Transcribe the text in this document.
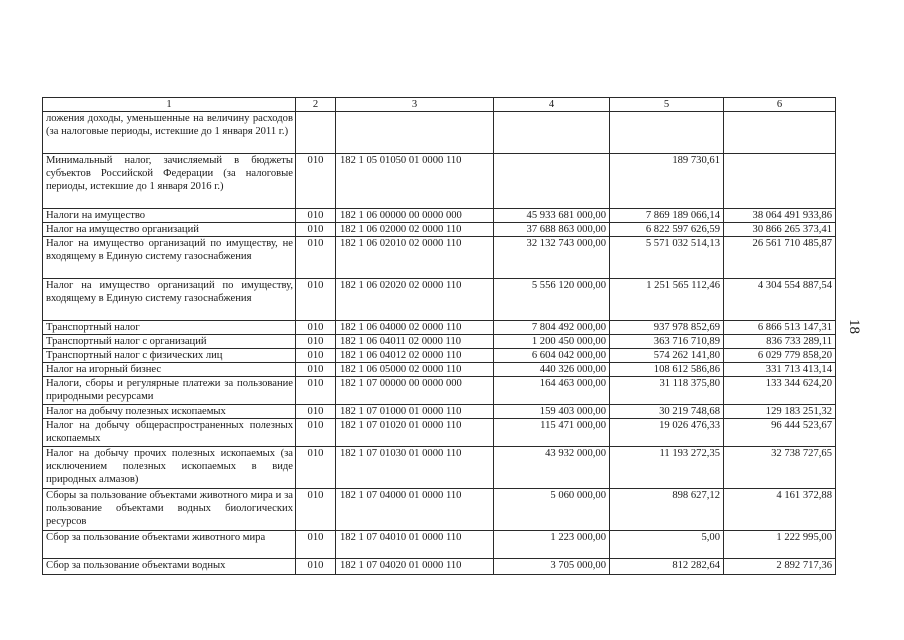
1	2	3	4	5	6
ложения доходы, уменьшенные на величину расходов (за налоговые периоды, истекшие до 1 января 2011 г.)					
Минимальный налог, зачисляемый в бюджеты субъектов Российской Федерации (за налоговые периоды, истекшие до 1 января 2016 г.)	010	182 1 05 01050 01 0000 110		189 730,61	
Налоги на имущество	010	182 1 06 00000 00 0000 000	45 933 681 000,00	7 869 189 066,14	38 064 491 933,86
Налог на имущество организаций	010	182 1 06 02000 02 0000 110	37 688 863 000,00	6 822 597 626,59	30 866 265 373,41
Налог на имущество организаций по имуществу, не входящему в Единую систему газоснабжения	010	182 1 06 02010 02 0000 110	32 132 743 000,00	5 571 032 514,13	26 561 710 485,87
Налог на имущество организаций по имуществу, входящему в Единую систему газоснабжения	010	182 1 06 02020 02 0000 110	5 556 120 000,00	1 251 565 112,46	4 304 554 887,54
Транспортный налог	010	182 1 06 04000 02 0000 110	7 804 492 000,00	937 978 852,69	6 866 513 147,31
Транспортный налог с организаций	010	182 1 06 04011 02 0000 110	1 200 450 000,00	363 716 710,89	836 733 289,11
Транспортный налог с физических лиц	010	182 1 06 04012 02 0000 110	6 604 042 000,00	574 262 141,80	6 029 779 858,20
Налог на игорный бизнес	010	182 1 06 05000 02 0000 110	440 326 000,00	108 612 586,86	331 713 413,14
Налоги, сборы и регулярные платежи за пользование природными ресурсами	010	182 1 07 00000 00 0000 000	164 463 000,00	31 118 375,80	133 344 624,20
Налог на добычу полезных ископаемых	010	182 1 07 01000 01 0000 110	159 403 000,00	30 219 748,68	129 183 251,32
Налог на добычу общераспространенных полезных ископаемых	010	182 1 07 01020 01 0000 110	115 471 000,00	19 026 476,33	96 444 523,67
Налог на добычу прочих полезных ископаемых (за исключением полезных ископаемых в виде природных алмазов)	010	182 1 07 01030 01 0000 110	43 932 000,00	11 193 272,35	32 738 727,65
Сборы за пользование объектами животного мира и за пользование объектами водных биологических ресурсов	010	182 1 07 04000 01 0000 110	5 060 000,00	898 627,12	4 161 372,88
Сбор за пользование объектами животного мира	010	182 1 07 04010 01 0000 110	1 223 000,00	5,00	1 222 995,00
Сбор за пользование объектами водных	010	182 1 07 04020 01 0000 110	3 705 000,00	812 282,64	2 892 717,36
18
